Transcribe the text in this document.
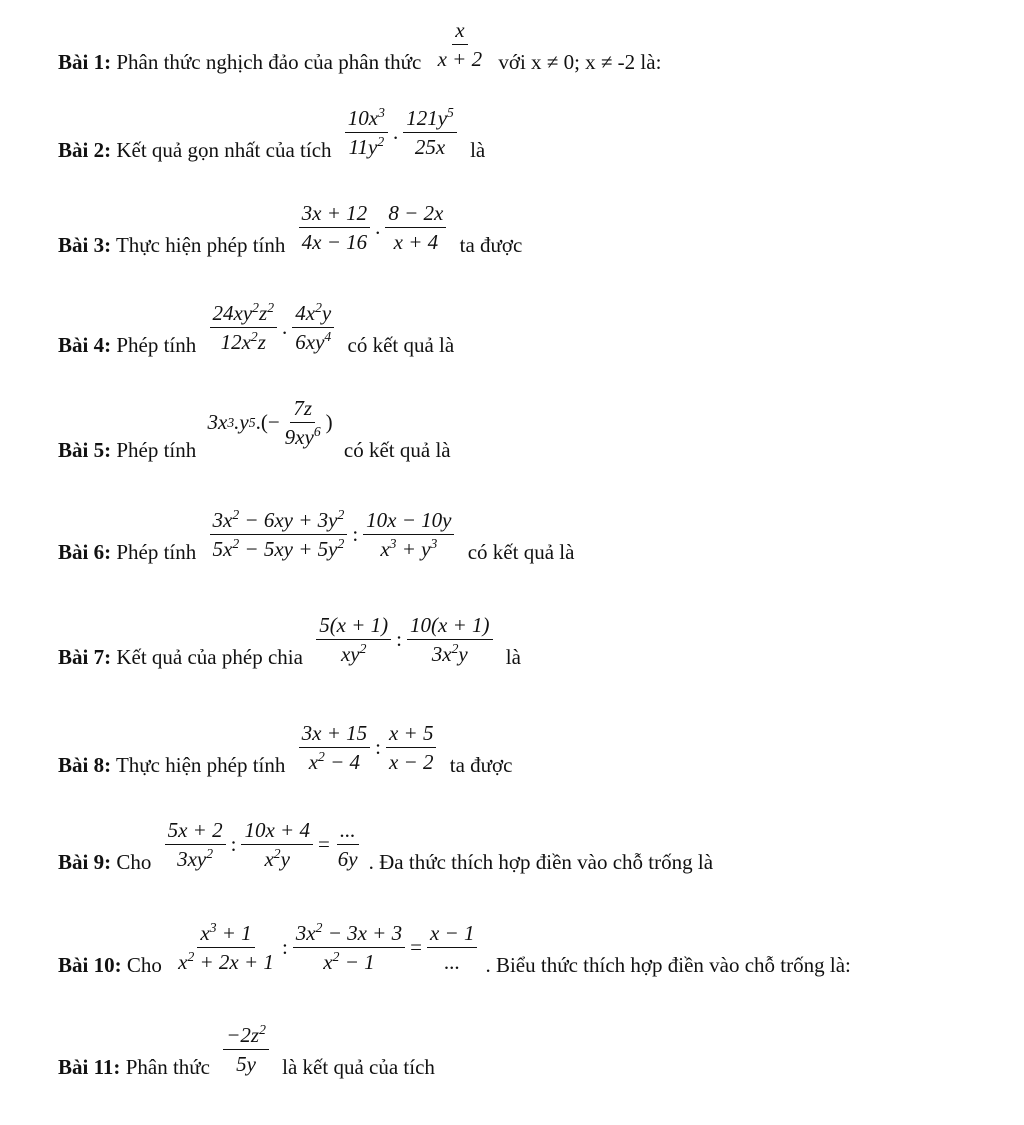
Bài 1: Phân thức nghịch đảo của phân thức $\frac{x}{x + 2}$ với x ≠ 0; x ≠ -2 là:
Bài 2: Kết quả gọn nhất của tích $\frac{10x^3}{11y^2}$ . $\frac{121y^5}{25x}$ là
Bài 3: Thực hiện phép tính $\frac{3x + 12}{4x - 16}$ . $\frac{8 - 2x}{x + 4}$ ta được
Bài 4: Phép tính $\frac{24xy^2z^2}{12x^2z}$ . $\frac{4x^2y}{6xy^4}$ có kết quả là
Bài 5: Phép tính
3x 3 .y 5 .(− $\frac{7z}{9xy^6}$ )
có kết quả là
Bài 6: Phép tính $\frac{3x^2 - 6xy + 3y^2}{5x^2 - 5xy + 5y^2}$ : $\frac{10x - 10y}{x^3 + y^3}$ có kết quả là
Bài 7: Kết quả của phép chia $\frac{5(x + 1)}{xy^2}$ : $\frac{10(x + 1)}{3x^2y}$ là
Bài 8: Thực hiện phép tính $\frac{3x + 15}{x^2 - 4}$ : $\frac{x + 5}{x - 2}$ ta được
Bài 9: Cho $\frac{5x + 2}{3xy^2}$ : $\frac{10x + 4}{x^2y} = \frac{...}{6y}$ . Đa thức thích hợp điền vào chỗ trống là
Bài 10: Cho $\frac{x^3 + 1}{x^2 + 2x + 1}$ : $\frac{3x^2 - 3x + 3}{x^2 - 1} = \frac{x - 1}{...}$ . Biểu thức thích hợp điền vào chỗ trống là:
Bài 11: Phân thức $\frac{-2z^2}{5y}$ là kết quả của tích
